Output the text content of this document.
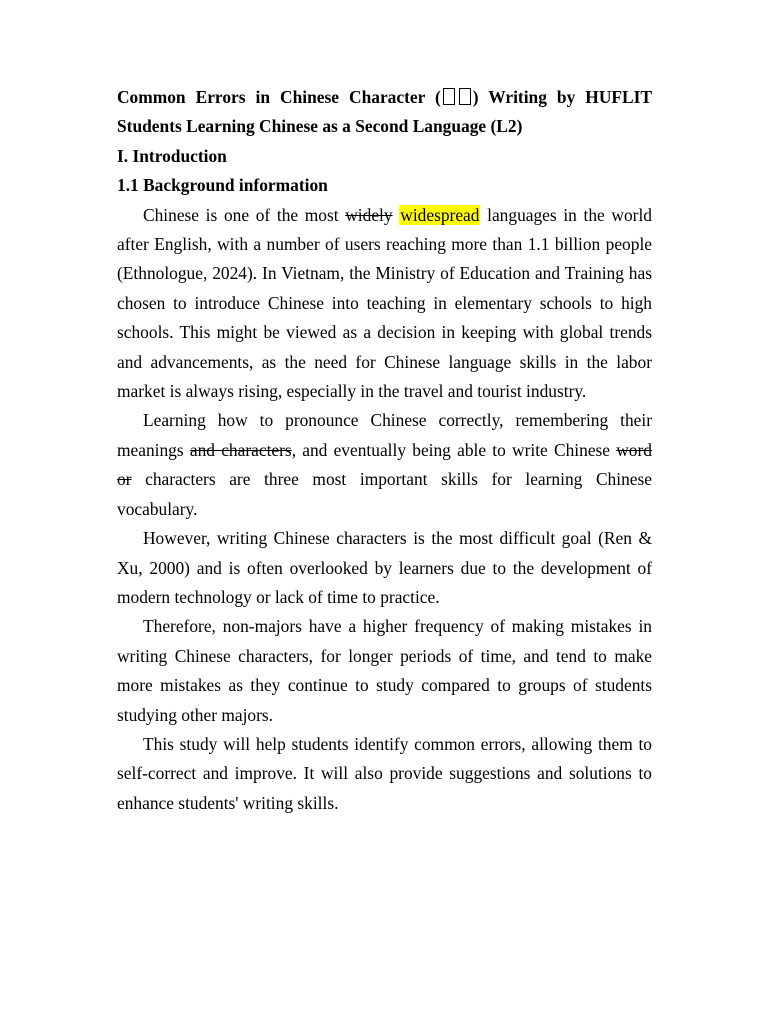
Common Errors in Chinese Character ( ) Writing by HUFLIT Students Learning Chinese as a Second Language (L2)

I. Introduction

1.1 Background information

Chinese is one of the most widely widespread languages in the world after English, with a number of users reaching more than 1.1 billion people (Ethnologue, 2024). In Vietnam, the Ministry of Education and Training has chosen to introduce Chinese into teaching in elementary schools to high schools. This might be viewed as a decision in keeping with global trends and advancements, as the need for Chinese language skills in the labor market is always rising, especially in the travel and tourist industry.

Learning how to pronounce Chinese correctly, remembering their meanings and characters, and eventually being able to write Chinese word or characters are three most important skills for learning Chinese vocabulary.

However, writing Chinese characters is the most difficult goal (Ren & Xu, 2000) and is often overlooked by learners due to the development of modern technology or lack of time to practice.

Therefore, non-majors have a higher frequency of making mistakes in writing Chinese characters, for longer periods of time, and tend to make more mistakes as they continue to study compared to groups of students studying other majors.

This study will help students identify common errors, allowing them to self-correct and improve. It will also provide suggestions and solutions to enhance students' writing skills.
